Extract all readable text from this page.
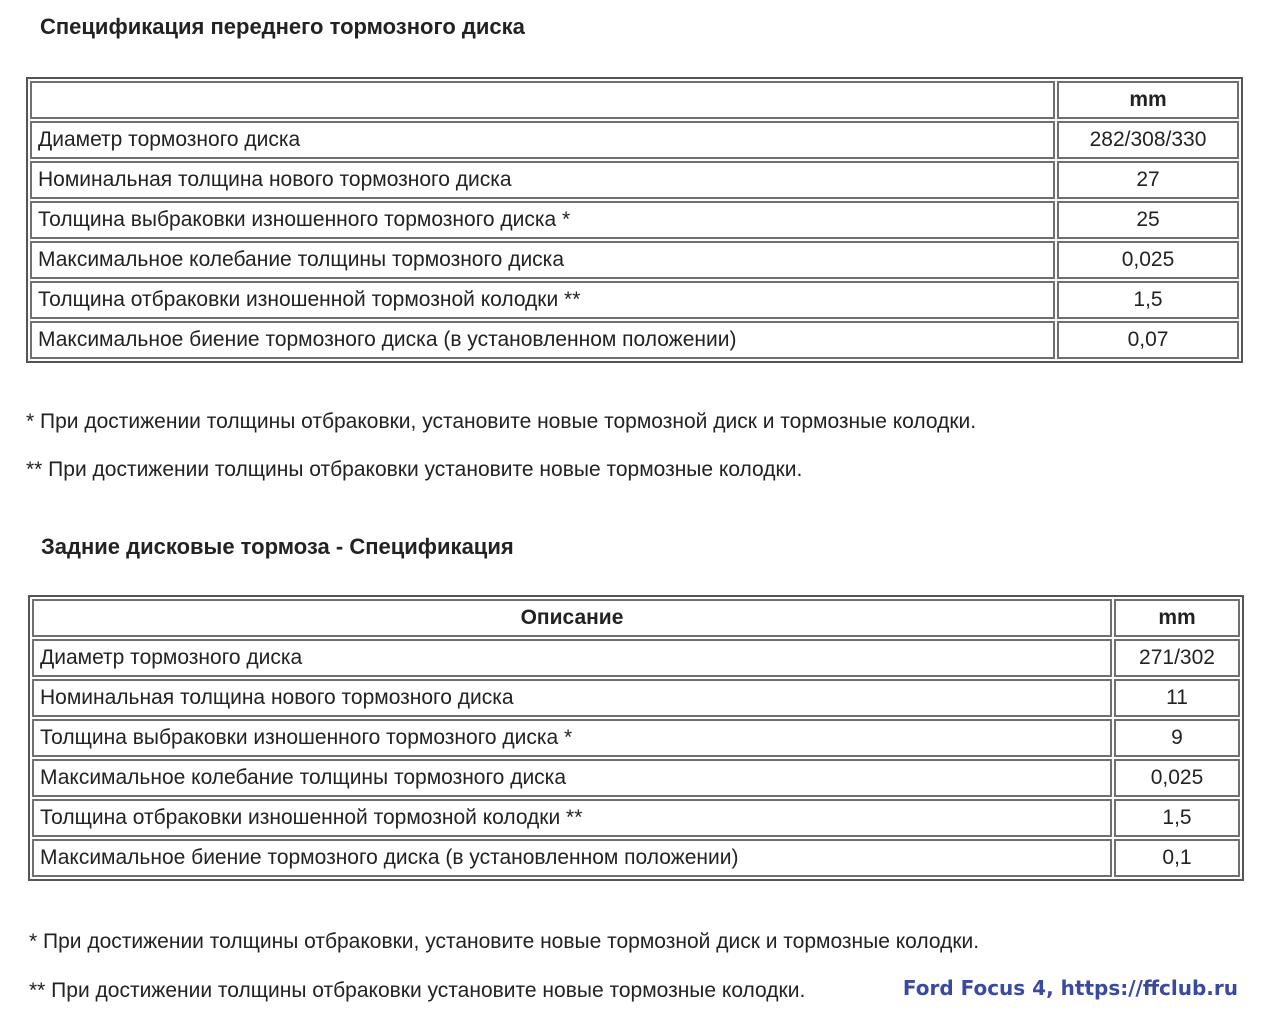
Спецификация переднего тормозного диска
	mm
Диаметр тормозного диска	282/308/330
Номинальная толщина нового тормозного диска	27
Толщина выбраковки изношенного тормозного диска *	25
Максимальное колебание толщины тормозного диска	0,025
Толщина отбраковки изношенной тормозной колодки **	1,5
Максимальное биение тормозного диска (в установленном положении)	0,07
* При достижении толщины отбраковки, установите новые тормозной диск и тормозные колодки.
** При достижении толщины отбраковки установите новые тормозные колодки.
Задние дисковые тормоза - Спецификация
Описание	mm
Диаметр тормозного диска	271/302
Номинальная толщина нового тормозного диска	11
Толщина выбраковки изношенного тормозного диска *	9
Максимальное колебание толщины тормозного диска	0,025
Толщина отбраковки изношенной тормозной колодки **	1,5
Максимальное биение тормозного диска (в установленном положении)	0,1
* При достижении толщины отбраковки, установите новые тормозной диск и тормозные колодки.
** При достижении толщины отбраковки установите новые тормозные колодки.	Ford Focus 4, https://ffclub.ru
